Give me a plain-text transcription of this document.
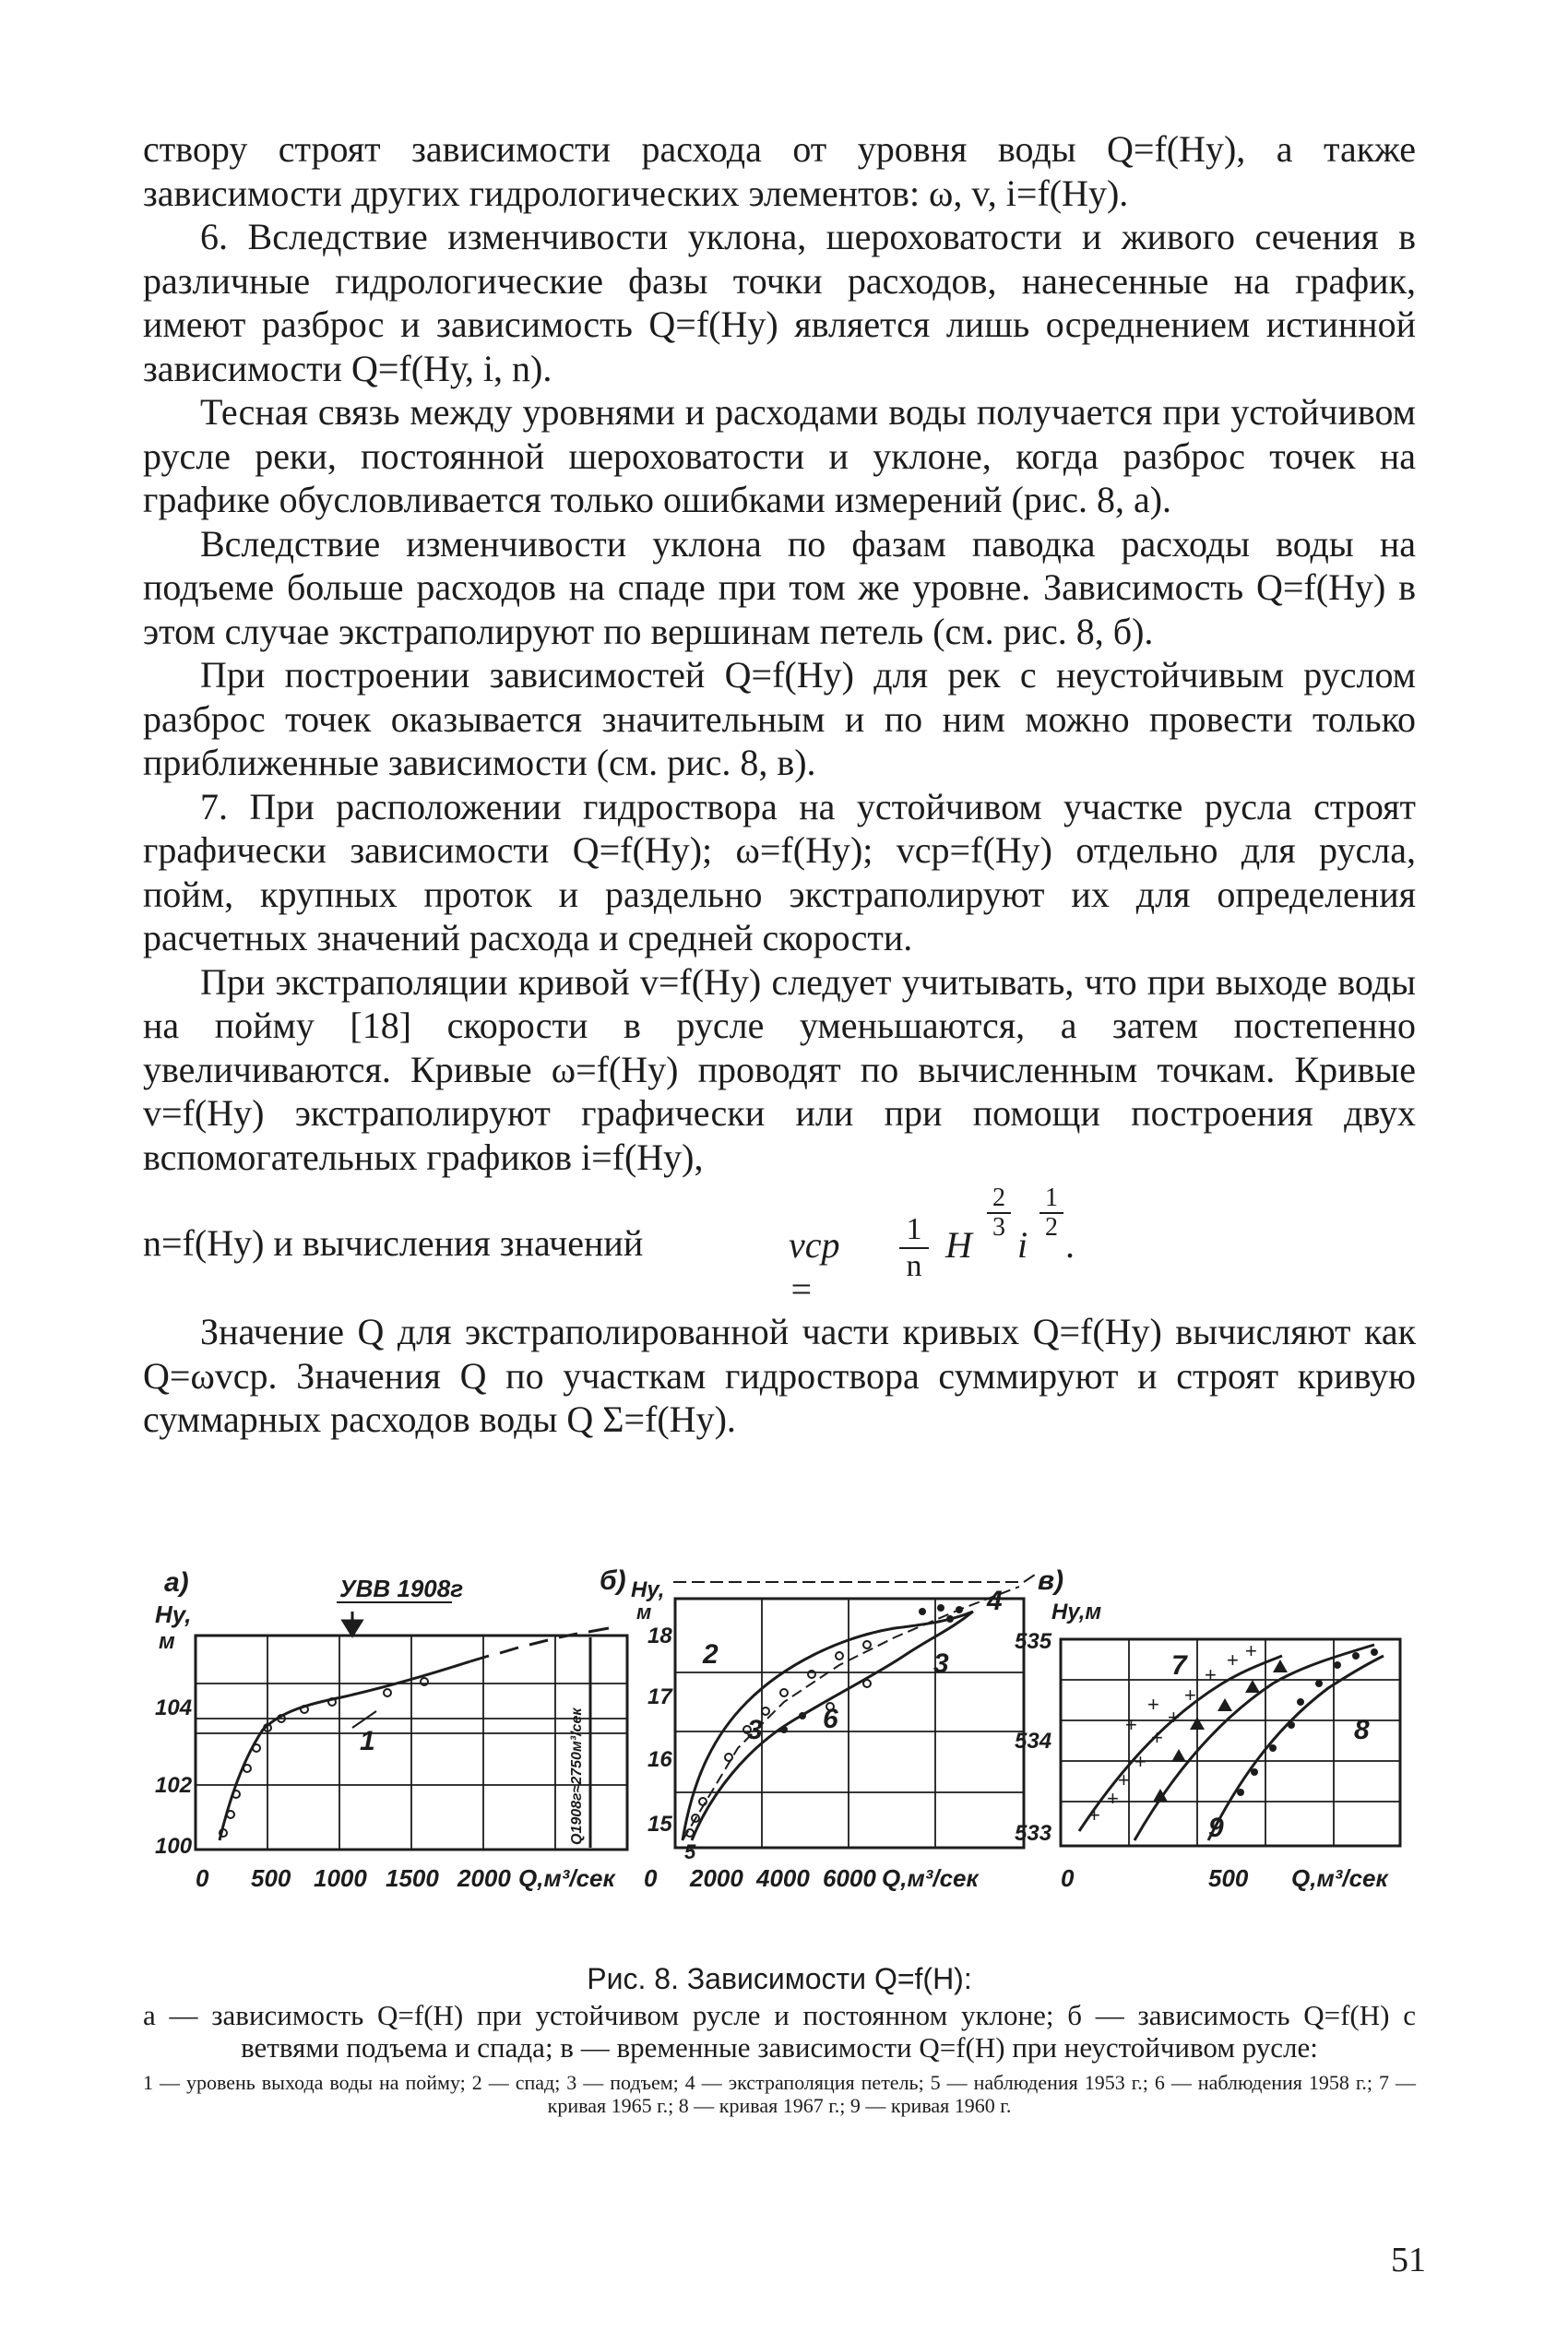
створу строят зависимости расхода от уровня воды Q=f(Hу), а также зависимости других гидрологических элементов: ω, v, i=f(Hу).

6. Вследствие изменчивости уклона, шероховатости и живого сечения в различные гидрологические фазы точки расходов, нанесенные на график, имеют разброс и зависимость Q=f(Hу) является лишь осреднением истинной зависимости Q=f(Hу, i, n).

Тесная связь между уровнями и расходами воды получается при устойчивом русле реки, постоянной шероховатости и уклоне, когда разброс точек на графике обусловливается только ошибками измерений (рис. 8, а).

Вследствие изменчивости уклона по фазам паводка расходы воды на подъеме больше расходов на спаде при том же уровне. Зависимость Q=f(Hу) в этом случае экстраполируют по вершинам петель (см. рис. 8, б).

При построении зависимостей Q=f(Hу) для рек с неустойчивым руслом разброс точек оказывается значительным и по ним можно провести только приближенные зависимости (см. рис. 8, в).

7. При расположении гидроствора на устойчивом участке русла строят графически зависимости Q=f(Hу); ω=f(Hу); vср=f(Hу) отдельно для русла, пойм, крупных проток и раздельно экстраполируют их для определения расчетных значений расхода и средней скорости.

При экстраполяции кривой v=f(Hу) следует учитывать, что при выходе воды на пойму [18] скорости в русле уменьшаются, а затем постепенно увеличиваются. Кривые ω=f(Hу) проводят по вычисленным точкам. Кривые v=f(Hу) экстраполируют графически или при помощи построения двух вспомогательных графиков i=f(Hу),

n=f(Hу) и вычисления значений	vср =
$\frac{1}{n}$ H
$\frac{2}{3}$
i
$\frac{1}{2}$
.

Значение Q для экстраполированной части кривых Q=f(Hу) вычисляют как Q=ωvср. Значения Q по участкам гидроствора суммируют и строят кривую суммарных расходов воды Q Σ=f(Hу).

а)
Hу,
м
УВВ 1908г
104
102
100
1	Q1908г≈2750м³/сек
0 500 1000 1500 2000 Q,м³/сек
б) Hу,
м
18
17
16
15
2
3
4
5
6
3
0 2000 4000 6000 Q,м³/сек
в)
Hу,м
535
534
533
+
+
+
+
+
+
+
+
+ +
+
+
7
8
9
0	500 Q,м³/сек
Рис. 8. Зависимости Q=f(H):
а — зависимость Q=f(H) при устойчивом русле и постоянном уклоне; б — зависимость Q=f(H) с ветвями подъема и спада; в — временные зависимости Q=f(H) при неустойчивом русле:
1 — уровень выхода воды на пойму; 2 — спад; 3 — подъем; 4 — экстраполяция петель; 5 — наблюдения 1953 г.; 6 — наблюдения 1958 г.; 7 — кривая 1965 г.; 8 — кривая 1967 г.; 9 — кривая 1960 г.
51
